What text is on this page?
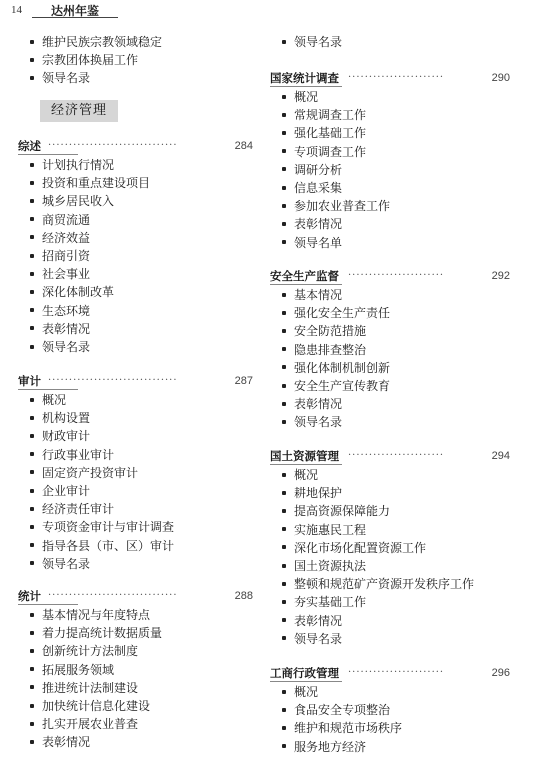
14	达州年鉴
经济管理
维护民族宗教领域稳定
宗教团体换届工作
领导名录
综述 ·······························	284
计划执行情况
投资和重点建设项目
城乡居民收入
商贸流通
经济效益
招商引资
社会事业
深化体制改革
生态环境
表彰情况
领导名录
审计 ·······························	287
概况
机构设置
财政审计
行政事业审计
固定资产投资审计
企业审计
经济责任审计
专项资金审计与审计调查
指导各县（市、区）审计
领导名录
统计 ·······························	288
基本情况与年度特点
着力提高统计数据质量
创新统计方法制度
拓展服务领域
推进统计法制建设
加快统计信息化建设
扎实开展农业普查
表彰情况
领导名录
国家统计调查 ·······················	290
概况
常规调查工作
强化基础工作
专项调查工作
调研分析
信息采集
参加农业普查工作
表彰情况
领导名单
安全生产监督 ·······················	292
基本情况
强化安全生产责任
安全防范措施
隐患排查整治
强化体制机制创新
安全生产宣传教育
表彰情况
领导名录
国土资源管理 ·······················	294
概况
耕地保护
提高资源保障能力
实施惠民工程
深化市场化配置资源工作
国土资源执法
整顿和规范矿产资源开发秩序工作
夯实基础工作
表彰情况
领导名录
工商行政管理 ·······················	296
概况
食品安全专项整治
维护和规范市场秩序
服务地方经济
